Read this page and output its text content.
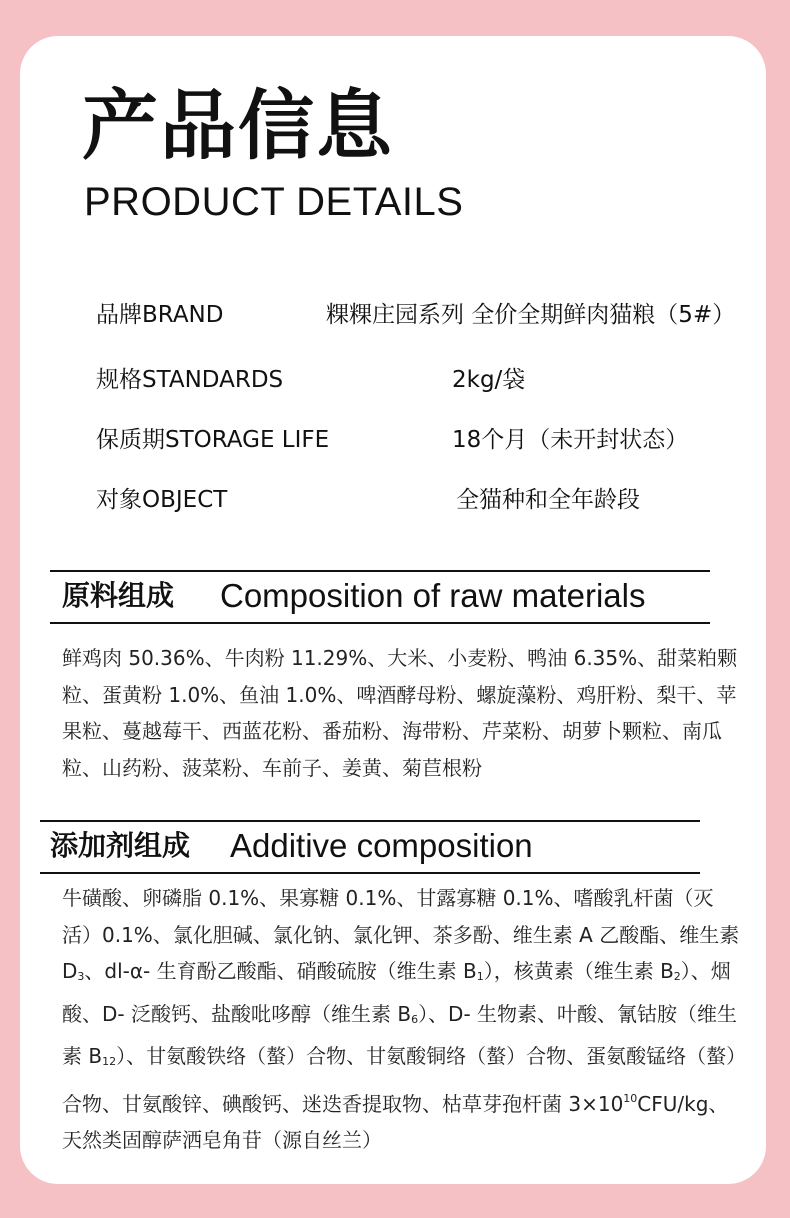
产品信息
PRODUCT DETAILS
品牌BRAND	粿粿庄园系列 全价全期鲜肉猫粮（5#）
规格STANDARDS	2kg/袋
保质期STORAGE LIFE	18个月（未开封状态）
对象OBJECT	全猫种和全年龄段
原料组成 Composition of raw materials
鲜鸡肉 50.36%、牛肉粉 11.29%、大米、小麦粉、鸭油 6.35%、甜菜粕颗粒、蛋黄粉 1.0%、鱼油 1.0%、啤酒酵母粉、螺旋藻粉、鸡肝粉、梨干、苹果粒、蔓越莓干、西蓝花粉、番茄粉、海带粉、芹菜粉、胡萝卜颗粒、南瓜粒、山药粉、菠菜粉、车前子、姜黄、菊苣根粉
添加剂组成 Additive composition
牛磺酸、卵磷脂 0.1%、果寡糖 0.1%、甘露寡糖 0.1%、嗜酸乳杆菌（灭活）0.1%、氯化胆碱、氯化钠、氯化钾、茶多酚、维生素 A 乙酸酯、维生素 $D_3$、dl-α- 生育酚乙酸酯、硝酸硫胺（维生素 $B_1$），核黄素（维生素 $B_2$）、烟酸、D- 泛酸钙、盐酸吡哆醇（维生素 $B_6$）、D- 生物素、叶酸、氰钴胺（维生素 $B_{12}$）、甘氨酸铁络（螯）合物、甘氨酸铜络（螯）合物、蛋氨酸锰络（螯）合物、甘氨酸锌、碘酸钙、迷迭香提取物、枯草芽孢杆菌 $3\times 10^{10}CFU/kg$、天然类固醇萨洒皂角苷（源自丝兰）
